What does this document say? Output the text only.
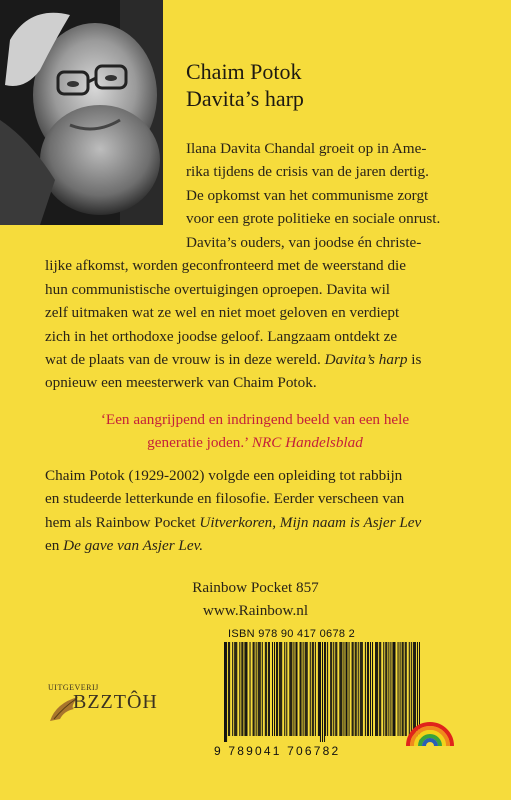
Chaim Potok
Davita’s harp
Ilana Davita Chandal groeit op in Ame-
rika tijdens de crisis van de jaren dertig.
De opkomst van het communisme zorgt
voor een grote politieke en sociale onrust.
Davita’s ouders, van joodse én christe-
lijke afkomst, worden geconfronteerd met de weerstand die
hun communistische overtuigingen oproepen. Davita wil
zelf uitmaken wat ze wel en niet moet geloven en verdiept
zich in het orthodoxe joodse geloof. Langzaam ontdekt ze
wat de plaats van de vrouw is in deze wereld. Davita’s harp is
opnieuw een meesterwerk van Chaim Potok.
‘Een aangrijpend en indringend beeld van een hele
generatie joden.’ NRC Handelsblad
Chaim Potok (1929-2002) volgde een opleiding tot rabbijn
en studeerde letterkunde en filosofie. Eerder verscheen van
hem als Rainbow Pocket Uitverkoren, Mijn naam is Asjer Lev
en De gave van Asjer Lev.
Rainbow Pocket 857
www.Rainbow.nl
ISBN 978 90 417 0678 2
9 789041 706782
UITGEVERIJ
BZZTÔH
